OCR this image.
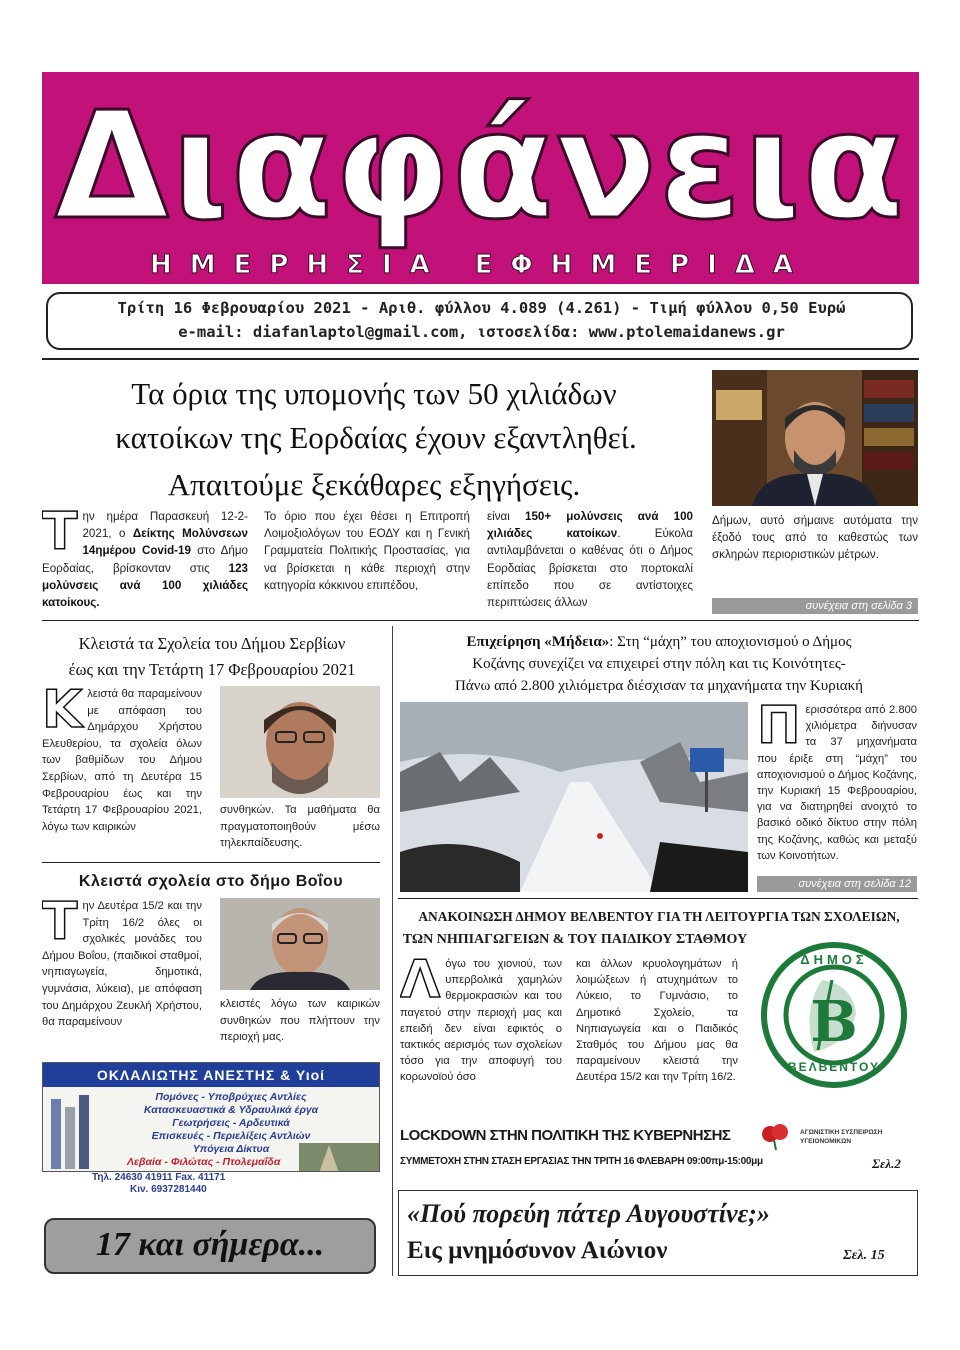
Διαφάνεια
ΗΜΕΡΗΣΙΑ ΕΦΗΜΕΡΙΔΑ
Τρίτη 16 Φεβρουαρίου 2021 - Αριθ. φύλλου 4.089 (4.261) - Τιμή φύλλου 0,50 Ευρώ
e-mail: diafanlaptol@gmail.com, ιστοσελίδα: www.ptolemaidanews.gr
Τα όρια της υπομονής των 50 χιλιάδων
κατοίκων της Εορδαίας έχουν εξαντληθεί.
Απαιτούμε ξεκάθαρες εξηγήσεις.
Την ημέρα Παρασκευή 12-2-2021, ο Δείκτης Μολύνσεων 14ημέρου Covid-19 στο Δήμο Εορδαίας, βρίσκονταν στις 123 μολύνσεις ανά 100 χιλιάδες κατοίκους.
Το όριο που έχει θέσει η Επιτροπή Λοιμοξιολόγων του ΕΟΔΥ και η Γενική Γραμματεία Πολιτικής Προστασίας, για να βρίσκεται η κάθε περιοχή στην κατηγορία κόκκινου επιπέδου,
είναι 150+ μολύνσεις ανά 100 χιλιάδες κατοίκων. Εύκολα αντιλαμβάνεται ο καθένας ότι ο Δήμος Εορδαίας βρίσκεται στο πορτοκαλί επίπεδο που σε αντίστοιχες περιπτώσεις άλλων
Δήμων, αυτό σήμαινε αυτόματα την έξοδό τους από το καθεστώς των σκληρών περιοριστικών μέτρων.
συνέχεια στη σελίδα 3
Κλειστά τα Σχολεία του Δήμου Σερβίων
έως και την Τετάρτη 17 Φεβρουαρίου 2021
Κλειστά θα παραμείνουν με απόφαση του Δημάρχου Χρήστου Ελευθερίου, τα σχολεία όλων των βαθμίδων του Δήμου Σερβίων, από τη Δευτέρα 15 Φεβρουαρίου έως και την Τετάρτη 17 Φεβρουαρίου 2021, λόγω των καιρικών
συνθηκών. Τα μαθήματα θα πραγματοποιηθούν μέσω τηλεκπαίδευσης.
Κλειστά σχολεία στο δήμο Βοΐου
Την Δευτέρα 15/2 και την Τρίτη 16/2 όλες οι σχολικές μονάδες του Δήμου Βοΐου, (παιδικοί σταθμοί, νηπιαγωγεία, δημοτικά, γυμνάσια, λύκεια), με απόφαση του Δημάρχου Ζευκλή Χρήστου, θα παραμείνουν
κλειστές λόγω των καιρικών συνθηκών που πλήττουν την περιοχή μας.
ΟΚΛΑΛΙΩΤΗΣ ΑΝΕΣΤΗΣ & Υιοί
Πομόνες - Υποβρύχιες Αντλίες
Κατασκευαστικά & Υδραυλικά έργα
Γεωτρήσεις - Αρδευτικά
Επισκευές - Περιελίξεις Αντλιών
Υπόγεια Δίκτυα
Λεβαία - Φιλώτας - Πτολεμαΐδα
Τηλ. 24630 41911 Fax. 41171
Κιν. 6937281440
17 και σήμερα...
Επιχείρηση «Μήδεια»: Στη “μάχη” του αποχιονισμού ο Δήμος
Κοζάνης συνεχίζει να επιχειρεί στην πόλη και τις Κοινότητες-
Πάνω από 2.800 χιλιόμετρα διέσχισαν τα μηχανήματα την Κυριακή
Περισσότερα από 2.800 χιλιόμετρα διήνυσαν τα 37 μηχανήματα που έριξε στη “μάχη” του αποχιονισμού ο Δήμος Κοζάνης, την Κυριακή 15 Φεβρουαρίου, για να διατηρηθεί ανοιχτό το βασικό οδικό δίκτυο στην πόλη της Κοζάνης, καθώς και μεταξύ των Κοινοτήτων.
συνέχεια στη σελίδα 12
ΑΝΑΚΟΙΝΩΣΗ ΔΗΜΟΥ ΒΕΛΒΕΝΤΟΥ ΓΙΑ ΤΗ ΛΕΙΤΟΥΡΓΙΑ ΤΩΝ ΣΧΟΛΕΙΩΝ,
ΤΩΝ ΝΗΠΙΑΓΩΓΕΙΩΝ & ΤΟΥ ΠΑΙΔΙΚΟΥ ΣΤΑΘΜΟΥ
Λόγω του χιονιού, των υπερβολικά χαμηλών θερμοκρασιών και του παγετού στην περιοχή μας και επειδή δεν είναι εφικτός ο τακτικός αερισμός των σχολείων τόσο για την αποφυγή του κορωνοϊού όσο
και άλλων κρυολογημάτων ή λοιμώξεων ή ατυχημάτων το Λύκειο, το Γυμνάσιο, το Δημοτικό Σχολείο, τα Νηπιαγωγεία και ο Παιδικός Σταθμός του Δήμου μας θα παραμείνουν κλειστά την Δευτέρα 15/2 και την Τρίτη 16/2.
ΔΗΜΟΣ
B
ΒΕΛΒΕΝΤΟΥ
LOCKDOWN ΣΤΗΝ ΠΟΛΙΤΙΚΗ ΤΗΣ ΚΥΒΕΡΝΗΣΗΣ	ΑΓΩΝΙΣΤΙΚΗ ΣΥΣΠΕΙΡΩΣΗ ΥΓΕΙΟΝΟΜΙΚΩΝ
ΣΥΜΜΕΤΟΧΗ ΣΤΗΝ ΣΤΑΣΗ ΕΡΓΑΣΙΑΣ ΤΗΝ ΤΡΙΤΗ 16 ΦΛΕΒΑΡΗ 09:00πμ-15:00μμ	Σελ.2
«Πού πορεύη πάτερ Αυγουστίνε;»
Εις μνημόσυνον Αιώνιον	Σελ. 15
